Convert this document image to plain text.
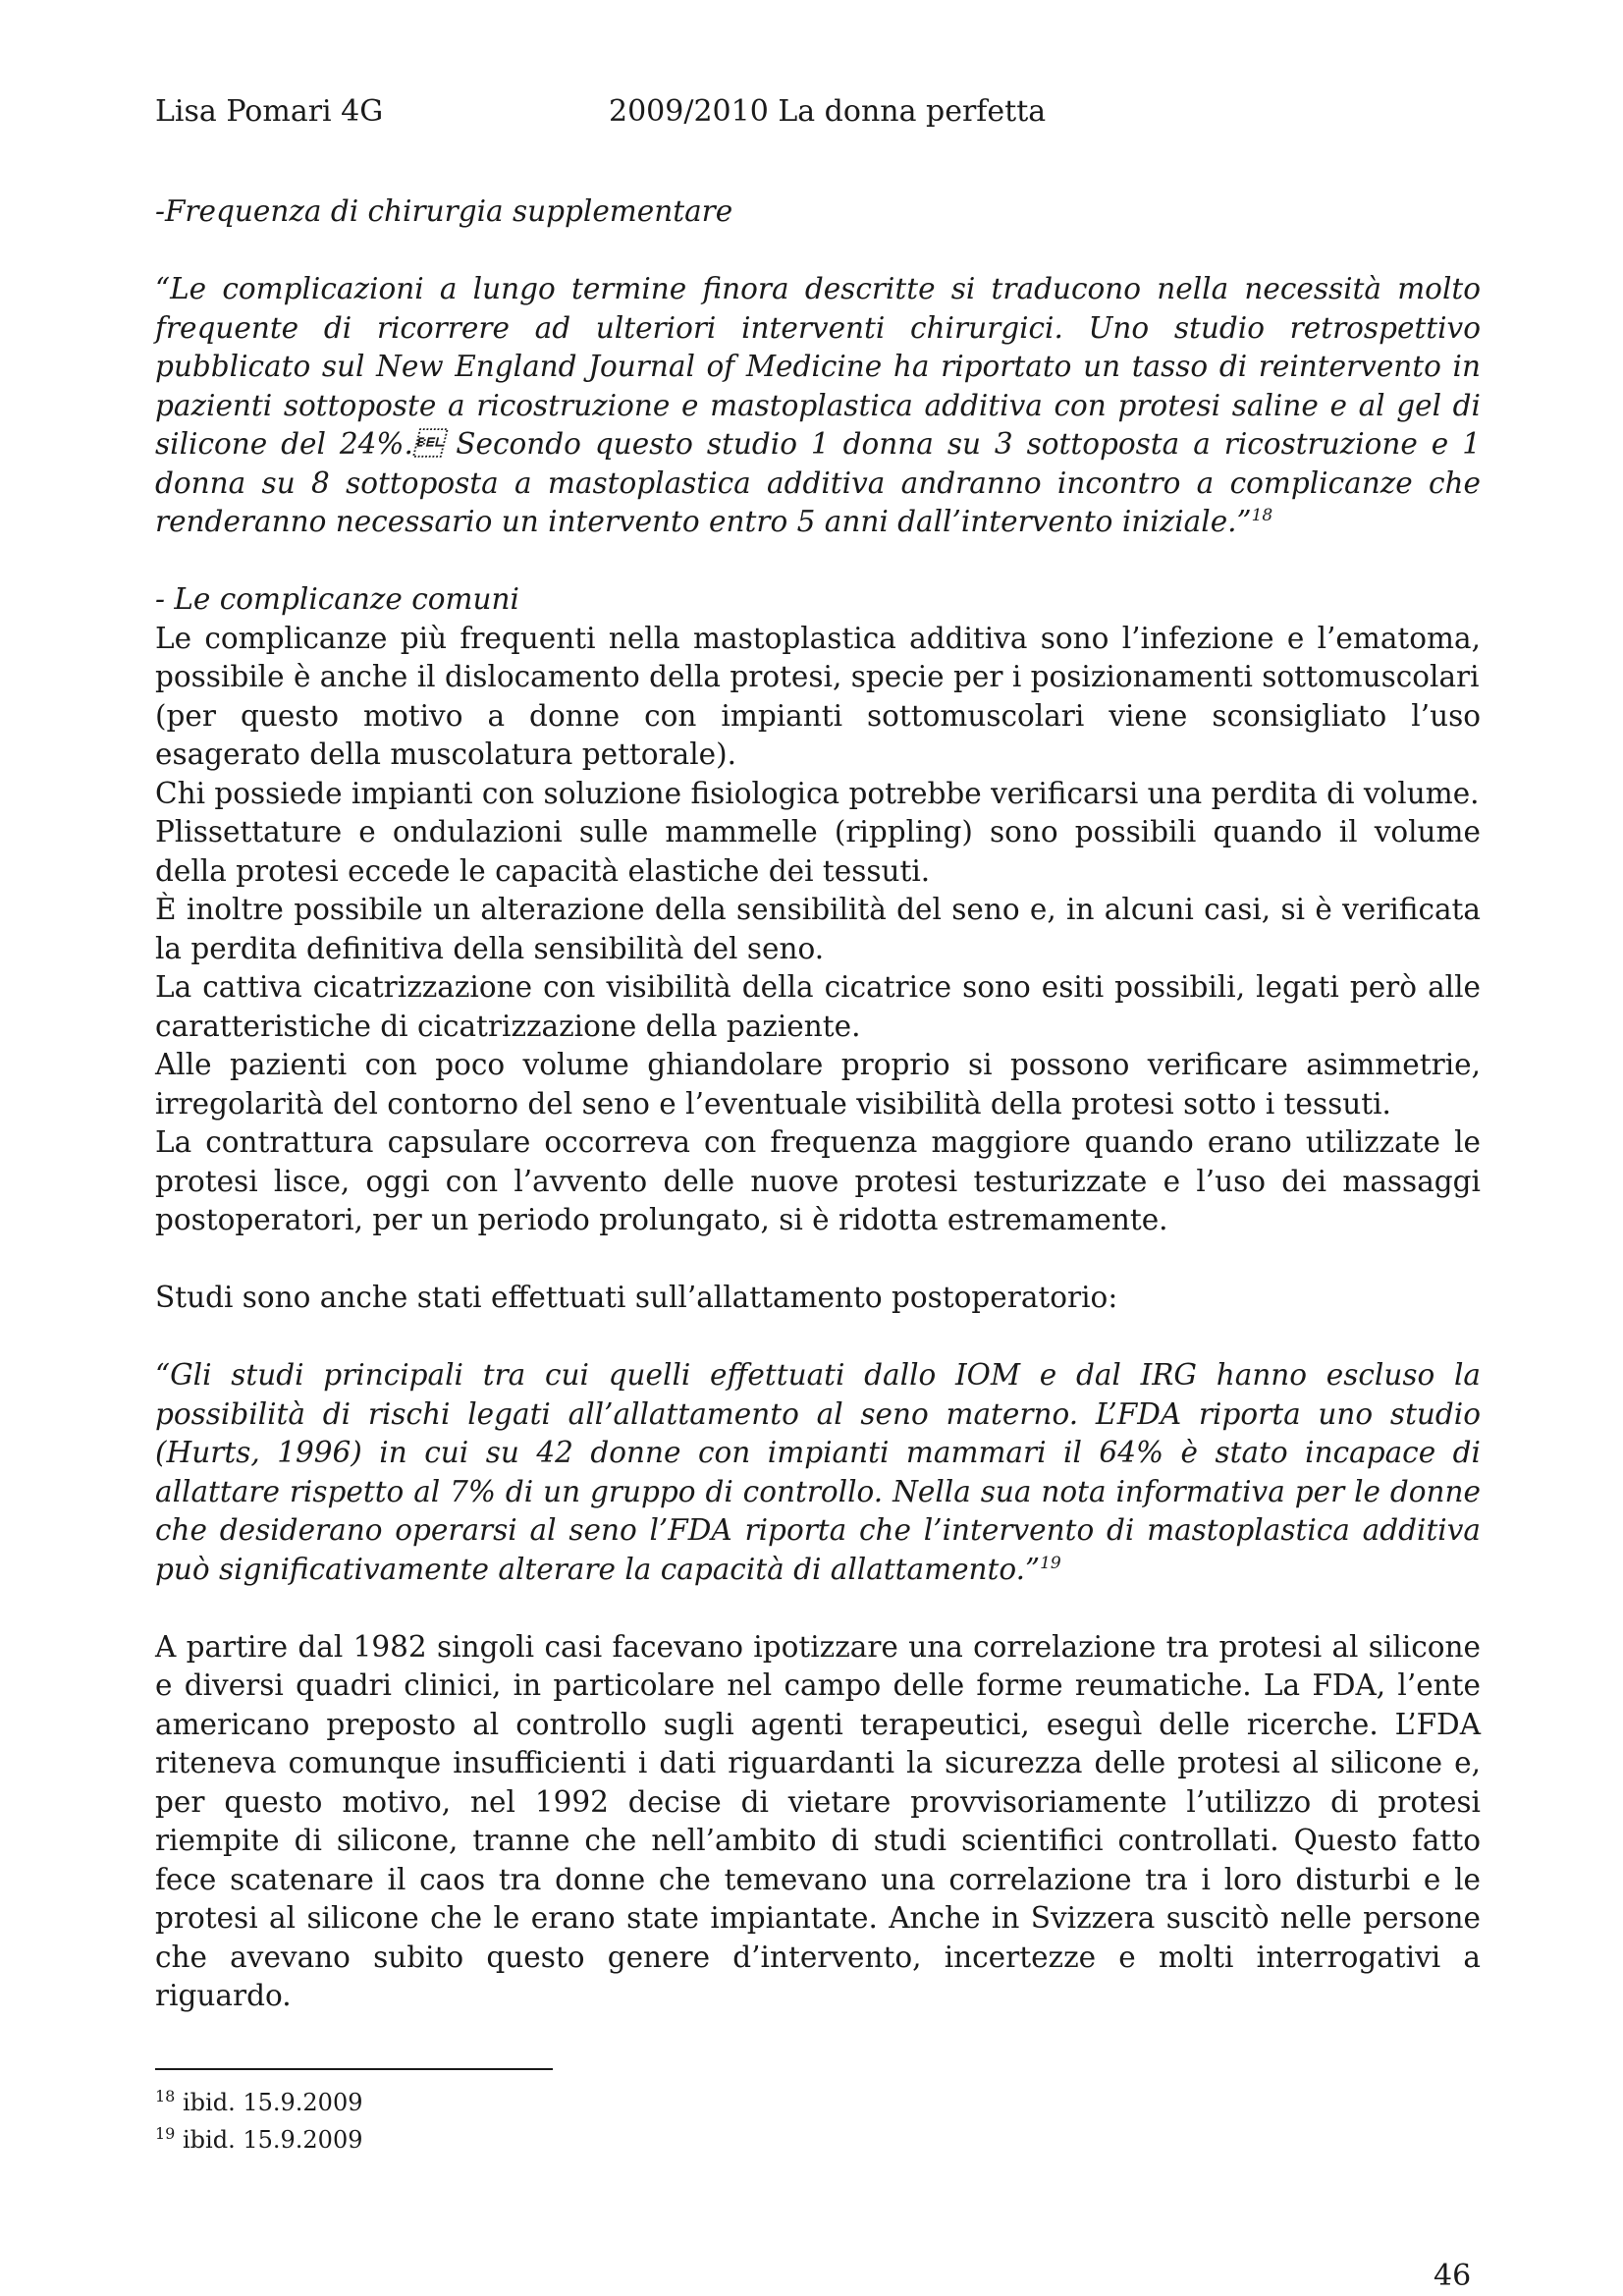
Lisa Pomari 4G	2009/2010 La donna perfetta

-Frequenza di chirurgia supplementare

“Le complicazioni a lungo termine finora descritte si traducono nella necessità molto frequente di ricorrere ad ulteriori interventi chirurgici. Uno studio retrospettivo pubblicato sul New England Journal of Medicine ha riportato un tasso di reintervento in pazienti sottoposte a ricostruzione e mastoplastica additiva con protesi saline e al gel di silicone del 24%. Secondo questo studio 1 donna su 3 sottoposta a ricostruzione e 1 donna su 8 sottoposta a mastoplastica additiva andranno incontro a complicanze che renderanno necessario un intervento entro 5 anni dall’intervento iniziale.”$^{18}$

- Le complicanze comuni

Le complicanze più frequenti nella mastoplastica additiva sono l’infezione e l’ematoma, possibile è anche il dislocamento della protesi, specie per i posizionamenti sottomuscolari

(per questo motivo a donne con impianti sottomuscolari viene sconsigliato l’uso esagerato della muscolatura pettorale).

Chi possiede impianti con soluzione fisiologica potrebbe verificarsi una perdita di volume.

Plissettature e ondulazioni sulle mammelle (rippling) sono possibili quando il volume della protesi eccede le capacità elastiche dei tessuti.

È inoltre possibile un alterazione della sensibilità del seno e, in alcuni casi, si è verificata la perdita definitiva della sensibilità del seno.

La cattiva cicatrizzazione con visibilità della cicatrice sono esiti possibili, legati però alle caratteristiche di cicatrizzazione della paziente.

Alle pazienti con poco volume ghiandolare proprio si possono verificare asimmetrie, irregolarità del contorno del seno e l’eventuale visibilità della protesi sotto i tessuti.

La contrattura capsulare occorreva con frequenza maggiore quando erano utilizzate le protesi lisce, oggi con l’avvento delle nuove protesi testurizzate e l’uso dei massaggi postoperatori, per un periodo prolungato, si è ridotta estremamente.

Studi sono anche stati effettuati sull’allattamento postoperatorio:

“Gli studi principali tra cui quelli effettuati dallo IOM e dal IRG hanno escluso la possibilità di rischi legati all’allattamento al seno materno. L’FDA riporta uno studio (Hurts, 1996) in cui su 42 donne con impianti mammari il 64% è stato incapace di allattare rispetto al 7% di un gruppo di controllo. Nella sua nota informativa per le donne che desiderano operarsi al seno l’FDA riporta che l’intervento di mastoplastica additiva può significativamente alterare la capacità di allattamento.”$^{19}$

A partire dal 1982 singoli casi facevano ipotizzare una correlazione tra protesi al silicone e diversi quadri clinici, in particolare nel campo delle forme reumatiche. La FDA, l’ente americano preposto al controllo sugli agenti terapeutici, eseguì delle ricerche. L’FDA riteneva comunque insufficienti i dati riguardanti la sicurezza delle protesi al silicone e, per questo motivo, nel 1992 decise di vietare provvisoriamente l’utilizzo di protesi riempite di silicone, tranne che nell’ambito di studi scientifici controllati. Questo fatto fece scatenare il caos tra donne che temevano una correlazione tra i loro disturbi e le protesi al silicone che le erano state impiantate. Anche in Svizzera suscitò nelle persone che avevano subito questo genere d’intervento, incertezze e molti interrogativi a riguardo.

$^{18}$ ibid. 15.9.2009
$^{19}$ ibid. 15.9.2009
46
